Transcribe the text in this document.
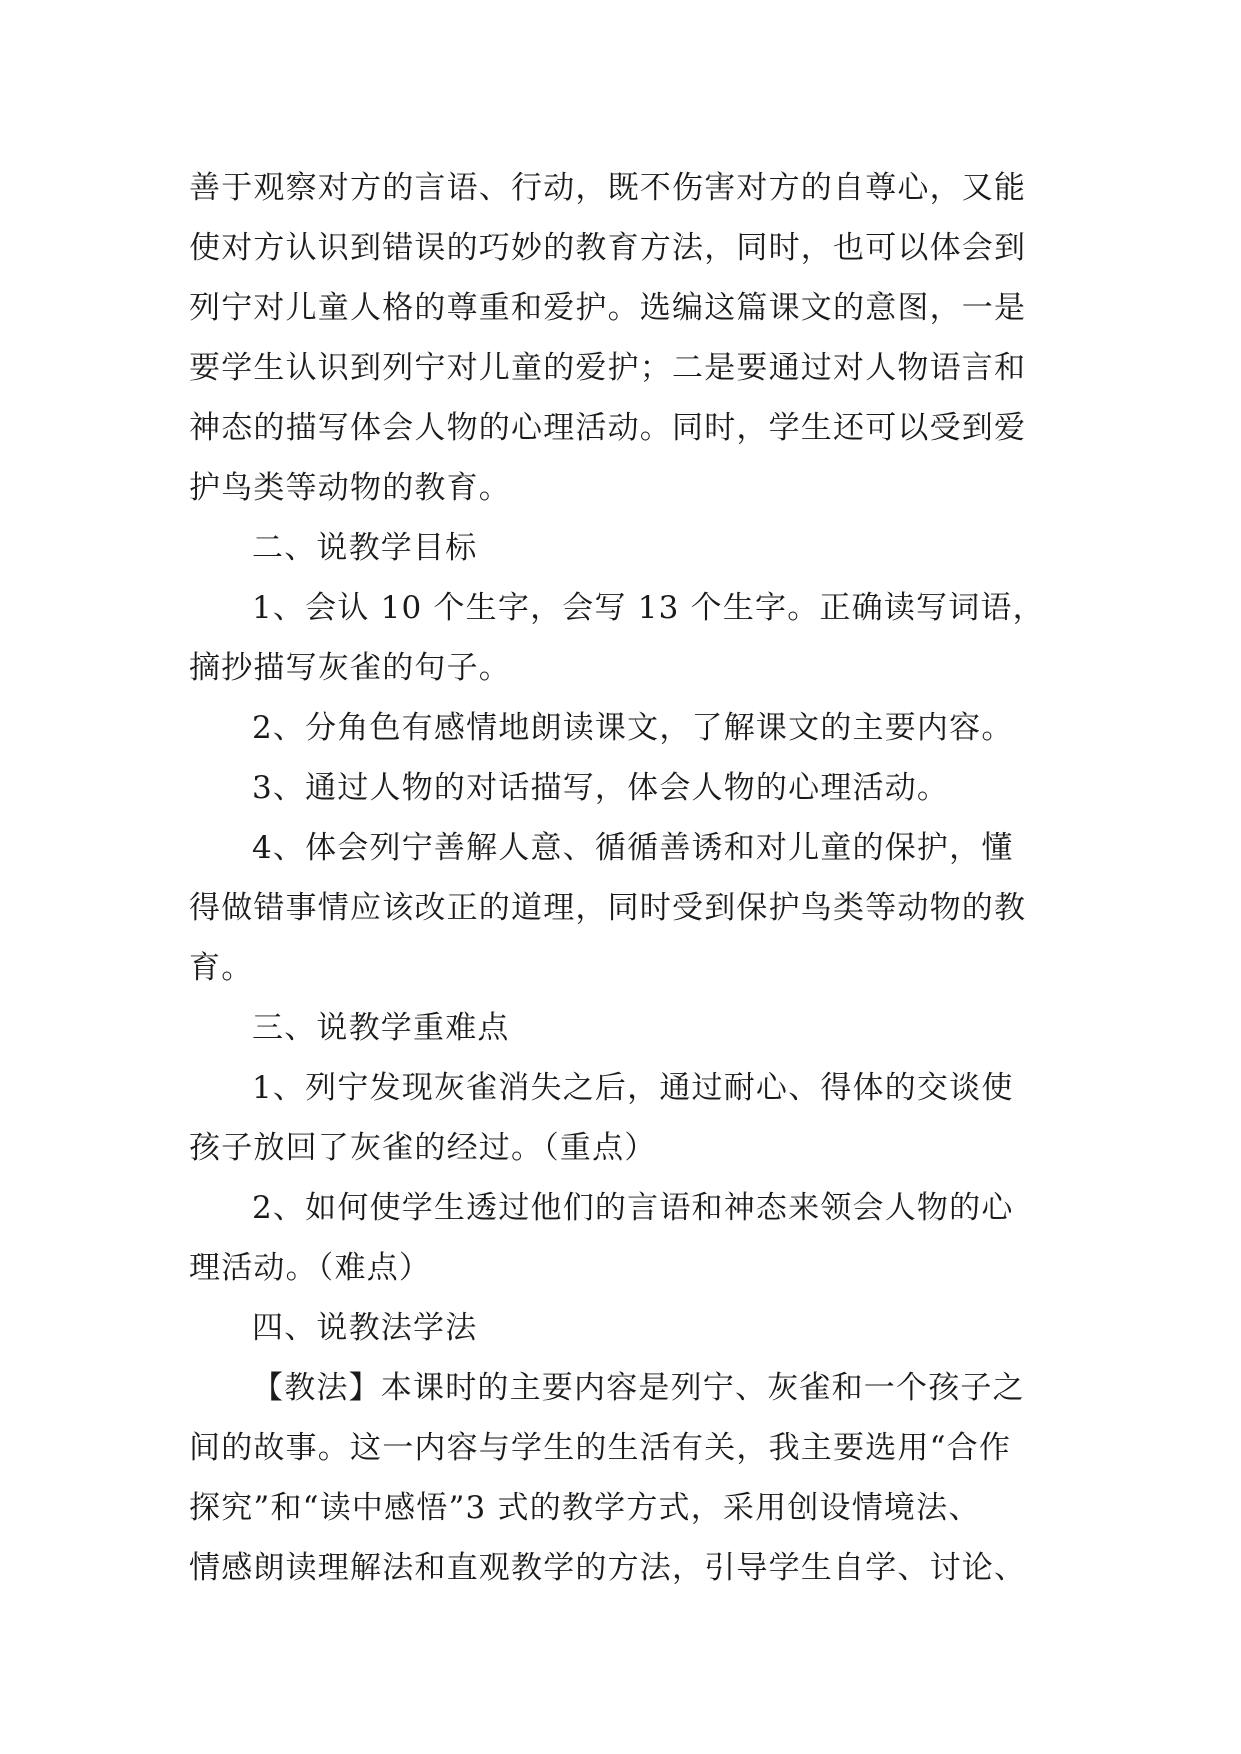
善于观察对方的言语、行动，既不伤害对方的自尊心，又能
使对方认识到错误的巧妙的教育方法，同时，也可以体会到
列宁对儿童人格的尊重和爱护。选编这篇课文的意图，一是
要学生认识到列宁对儿童的爱护；二是要通过对人物语言和
神态的描写体会人物的心理活动。同时，学生还可以受到爱
护鸟类等动物的教育。
二、说教学目标
1、会认 10 个生字，会写 13 个生字。正确读写词语，
摘抄描写灰雀的句子。
2、分角色有感情地朗读课文，了解课文的主要内容。
3、通过人物的对话描写，体会人物的心理活动。
4、体会列宁善解人意、循循善诱和对儿童的保护，懂
得做错事情应该改正的道理，同时受到保护鸟类等动物的教
育。
三、说教学重难点
1、列宁发现灰雀消失之后，通过耐心、得体的交谈使
孩子放回了灰雀的经过。（重点）
2、如何使学生透过他们的言语和神态来领会人物的心
理活动。（难点）
四、说教法学法
【教法】本课时的主要内容是列宁、灰雀和一个孩子之
间的故事。这一内容与学生的生活有关，我主要选用“合作
探究”和“读中感悟”3 式的教学方式，采用创设情境法、
情感朗读理解法和直观教学的方法，引导学生自学、讨论、
